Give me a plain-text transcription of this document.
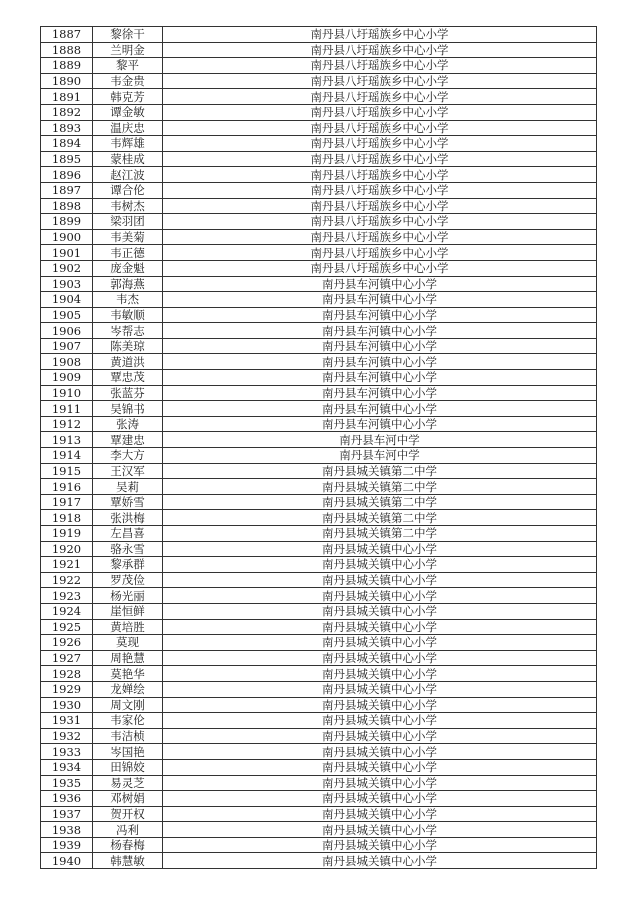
1887	黎徐干	南丹县八圩瑶族乡中心小学
1888	兰明金	南丹县八圩瑶族乡中心小学
1889	黎平	南丹县八圩瑶族乡中心小学
1890	韦金贵	南丹县八圩瑶族乡中心小学
1891	韩克芳	南丹县八圩瑶族乡中心小学
1892	谭金敏	南丹县八圩瑶族乡中心小学
1893	温庆忠	南丹县八圩瑶族乡中心小学
1894	韦辉雄	南丹县八圩瑶族乡中心小学
1895	蒙桂成	南丹县八圩瑶族乡中心小学
1896	赵江波	南丹县八圩瑶族乡中心小学
1897	谭合伦	南丹县八圩瑶族乡中心小学
1898	韦树杰	南丹县八圩瑶族乡中心小学
1899	梁羽团	南丹县八圩瑶族乡中心小学
1900	韦美菊	南丹县八圩瑶族乡中心小学
1901	韦正德	南丹县八圩瑶族乡中心小学
1902	庞金魁	南丹县八圩瑶族乡中心小学
1903	郭海燕	南丹县车河镇中心小学
1904	韦杰	南丹县车河镇中心小学
1905	韦敏顺	南丹县车河镇中心小学
1906	岑帮志	南丹县车河镇中心小学
1907	陈美琼	南丹县车河镇中心小学
1908	黄道洪	南丹县车河镇中心小学
1909	覃忠茂	南丹县车河镇中心小学
1910	张蓝芬	南丹县车河镇中心小学
1911	吴锦书	南丹县车河镇中心小学
1912	张涛	南丹县车河镇中心小学
1913	覃建忠	南丹县车河中学
1914	李大方	南丹县车河中学
1915	王汉军	南丹县城关镇第二中学
1916	吴莉	南丹县城关镇第二中学
1917	覃娇雪	南丹县城关镇第二中学
1918	张洪梅	南丹县城关镇第二中学
1919	左昌喜	南丹县城关镇第二中学
1920	骆永雪	南丹县城关镇中心小学
1921	黎承群	南丹县城关镇中心小学
1922	罗茂俭	南丹县城关镇中心小学
1923	杨光丽	南丹县城关镇中心小学
1924	崖恒鲜	南丹县城关镇中心小学
1925	黄培胜	南丹县城关镇中心小学
1926	莫现	南丹县城关镇中心小学
1927	周艳慧	南丹县城关镇中心小学
1928	莫艳华	南丹县城关镇中心小学
1929	龙婵绘	南丹县城关镇中心小学
1930	周文刚	南丹县城关镇中心小学
1931	韦家伦	南丹县城关镇中心小学
1932	韦洁桢	南丹县城关镇中心小学
1933	岑国艳	南丹县城关镇中心小学
1934	田锦姣	南丹县城关镇中心小学
1935	易灵芝	南丹县城关镇中心小学
1936	邓树娟	南丹县城关镇中心小学
1937	贺开权	南丹县城关镇中心小学
1938	冯利	南丹县城关镇中心小学
1939	杨春梅	南丹县城关镇中心小学
1940	韩慧敏	南丹县城关镇中心小学
